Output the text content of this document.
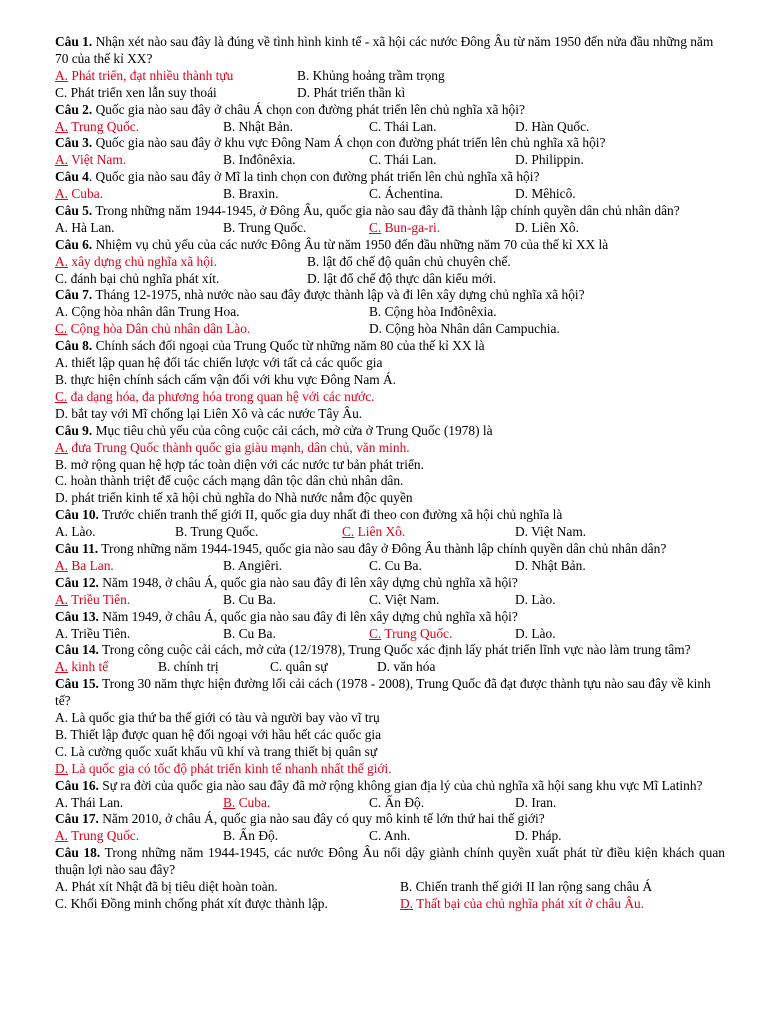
Câu 1. Nhận xét nào sau đây là đúng về tình hình kinh tế - xã hội các nước Đông Âu từ năm 1950 đến nửa đầu những năm 70 của thế kỉ XX?

A. Phát triển, đạt nhiều thành tựu	B. Khủng hoảng trầm trọng
C. Phát triển xen lẫn suy thoái	D. Phát triển thần kì

Câu 2. Quốc gia nào sau đây ở châu Á chọn con đường phát triển lên chủ nghĩa xã hội?

A. Trung Quốc.	B. Nhật Bản.	C. Thái Lan.	D. Hàn Quốc.

Câu 3. Quốc gia nào sau đây ở khu vực Đông Nam Á chọn con đường phát triển lên chủ nghĩa xã hội?

A. Việt Nam.	B. Inđônêxia.	C. Thái Lan.	D. Philippin.

Câu 4. Quốc gia nào sau đây ở Mĩ la tinh chọn con đường phát triển lên chủ nghĩa xã hội?

A. Cuba.	B. Braxin.	C. Áchentina.	D. Mêhicô.

Câu 5. Trong những năm 1944-1945, ở Đông Âu, quốc gia nào sau đây đã thành lập chính quyền dân chủ nhân dân?

A. Hà Lan.	B. Trung Quốc.	C. Bun-ga-ri.	D. Liên Xô.

Câu 6. Nhiệm vụ chủ yếu của các nước Đông Âu từ năm 1950 đến đầu những năm 70 của thế kỉ XX là

A. xây dựng chủ nghĩa xã hội.	B. lật đổ chế độ quân chủ chuyên chế.
C. đánh bại chủ nghĩa phát xít.	D. lật đổ chế độ thực dân kiểu mới.

Câu 7. Tháng 12-1975, nhà nước nào sau đây được thành lập và đi lên xây dựng chủ nghĩa xã hội?

A. Cộng hòa nhân dân Trung Hoa.	B. Cộng hòa Inđônêxia.
C. Cộng hòa Dân chủ nhân dân Lào.	D. Cộng hòa Nhân dân Campuchia.

Câu 8. Chính sách đối ngoại của Trung Quốc từ những năm 80 của thế kỉ XX là

A. thiết lập quan hệ đối tác chiến lược với tất cả các quốc gia
B. thực hiện chính sách cấm vận đối với khu vực Đông Nam Á.
C. đa dạng hóa, đa phương hóa trong quan hệ với các nước.
D. bắt tay với Mĩ chống lại Liên Xô và các nước Tây Âu.

Câu 9. Mục tiêu chủ yếu của công cuộc cải cách, mở cửa ở Trung Quốc (1978) là

A. đưa Trung Quốc thành quốc gia giàu mạnh, dân chủ, văn minh.
B. mở rộng quan hệ hợp tác toàn diện với các nước tư bản phát triển.
C. hoàn thành triệt để cuộc cách mạng dân tộc dân chủ nhân dân.
D. phát triển kinh tế xã hội chủ nghĩa do Nhà nước nắm độc quyền

Câu 10. Trước chiến tranh thế giới II, quốc gia duy nhất đi theo con đường xã hội chủ nghĩa là

A. Lào.	B. Trung Quốc.	C. Liên Xô.	D. Việt Nam.

Câu 11. Trong những năm 1944-1945, quốc gia nào sau đây ở Đông Âu thành lập chính quyền dân chủ nhân dân?

A. Ba Lan.	B. Angiêri.	C. Cu Ba.	D. Nhật Bản.

Câu 12. Năm 1948, ở châu Á, quốc gia nào sau đây đi lên xây dựng chủ nghĩa xã hội?

A. Triều Tiên.	B. Cu Ba.	C. Việt Nam.	D. Lào.

Câu 13. Năm 1949, ở châu Á, quốc gia nào sau đây đi lên xây dựng chủ nghĩa xã hội?

A. Triều Tiên.	B. Cu Ba.	C. Trung Quốc.	D. Lào.

Câu 14. Trong công cuộc cải cách, mở cửa (12/1978), Trung Quốc xác định lấy phát triển lĩnh vực nào làm trung tâm?

A. kinh tế	B. chính trị	C. quân sự	D. văn hóa

Câu 15. Trong 30 năm thực hiện đường lối cải cách (1978 - 2008), Trung Quốc đã đạt được thành tựu nào sau đây về kinh tế?

A. Là quốc gia thứ ba thế giới có tàu và người bay vào vĩ trụ
B. Thiết lập được quan hệ đối ngoại với hầu hết các quốc gia
C. Là cường quốc xuất khẩu vũ khí và trang thiết bị quân sự
D. Là quốc gia có tốc độ phát triển kinh tế nhanh nhất thế giới.

Câu 16. Sự ra đời của quốc gia nào sau đây đã mở rộng không gian địa lý của chủ nghĩa xã hội sang khu vực Mĩ Latinh?

A. Thái Lan.	B. Cuba.	C. Ấn Độ.	D. Iran.

Câu 17. Năm 2010, ở châu Á, quốc gia nào sau đây có quy mô kinh tế lớn thứ hai thế giới?

A. Trung Quốc.	B. Ấn Độ.	C. Anh.	D. Pháp.

Câu 18. Trong những năm 1944-1945, các nước Đông Âu nổi dậy giành chính quyền xuất phát từ điều kiện khách quan thuận lợi nào sau đây?

A. Phát xít Nhật đã bị tiêu diệt hoàn toàn.	B. Chiến tranh thế giới II lan rộng sang châu Á
C. Khối Đồng minh chống phát xít được thành lập.	D. Thất bại của chủ nghĩa phát xít ở châu Âu.
